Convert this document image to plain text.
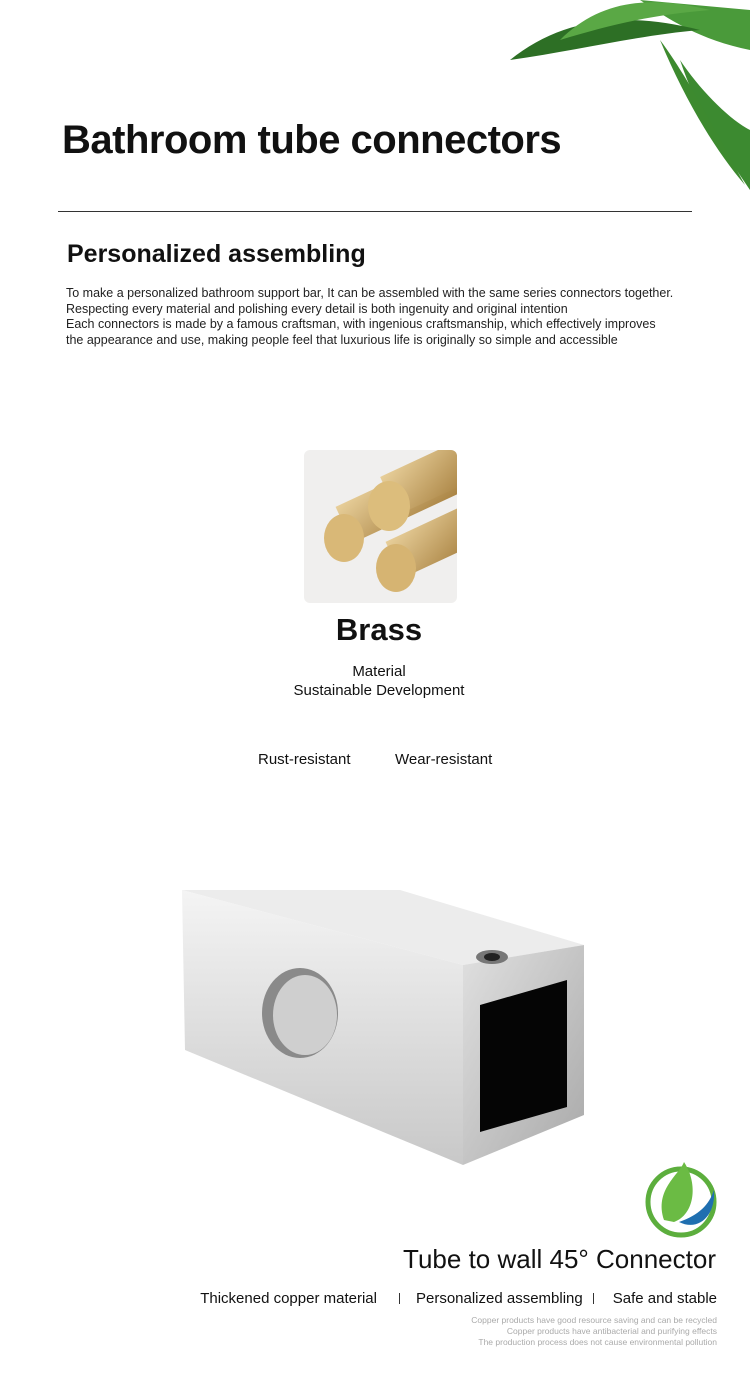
Bathroom tube connectors
Personalized assembling
To make a personalized bathroom support bar, It can be assembled with the same series connectors together.
Respecting every material and polishing every detail is both ingenuity and original intention
Each connectors is made by a famous craftsman, with ingenious craftsmanship, which effectively improves
the appearance and use, making people feel that luxurious life is originally so simple and accessible
Brass
Material
Sustainable Development
Rust-resistant	Wear-resistant
Tube to wall 45° Connector
Thickened copper material	Personalized assembling Safe and stable
Copper products have good resource saving and can be recycled
Copper products have antibacterial and purifying effects
The production process does not cause environmental pollution
